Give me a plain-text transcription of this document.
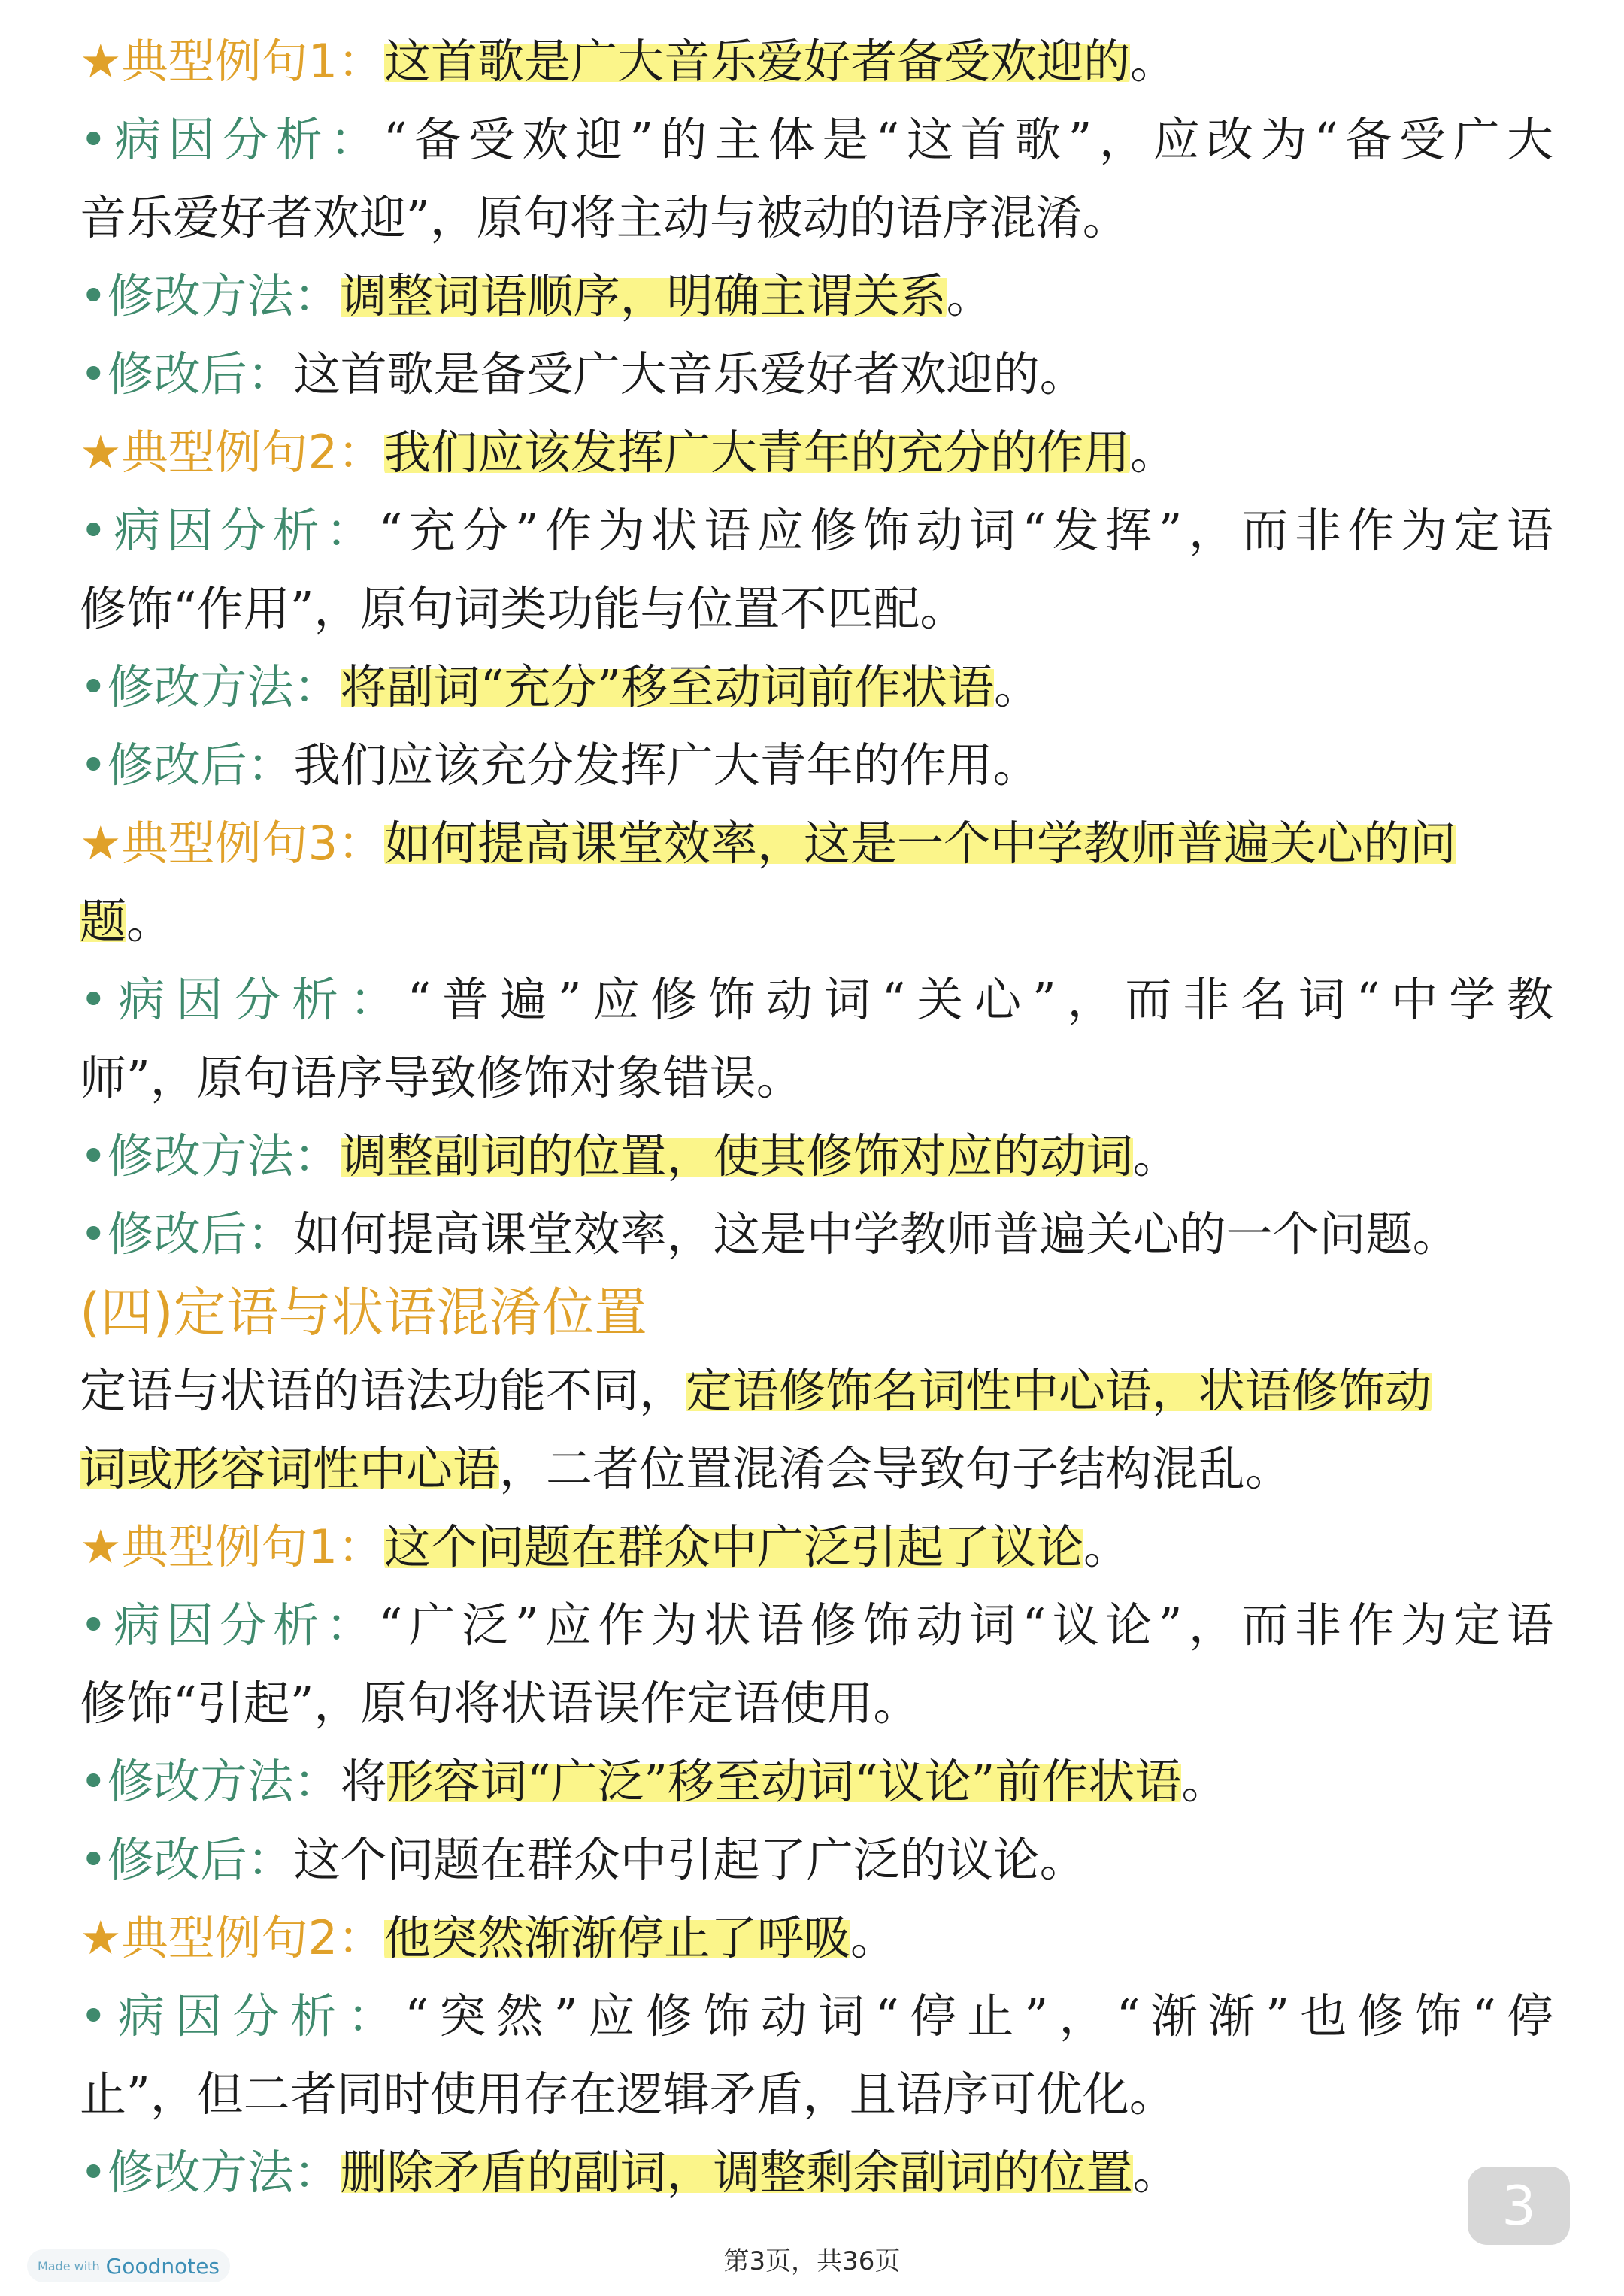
★典型例句1：这首歌是广大音乐爱好者备受欢迎的。
•病因分析：“备受欢迎”的主体是“这首歌”，应改为“备受广大
音乐爱好者欢迎”，原句将主动与被动的语序混淆。
•修改方法：调整词语顺序，明确主谓关系。
•修改后：这首歌是备受广大音乐爱好者欢迎的。
★典型例句2：我们应该发挥广大青年的充分的作用。
•病因分析：“充分”作为状语应修饰动词“发挥”，而非作为定语
修饰“作用”，原句词类功能与位置不匹配。
•修改方法：将副词“充分”移至动词前作状语。
•修改后：我们应该充分发挥广大青年的作用。
★典型例句3：如何提高课堂效率，这是一个中学教师普遍关心的问
题。
•病因分析：“普遍”应修饰动词“关心”，而非名词“中学教
师”，原句语序导致修饰对象错误。
•修改方法：调整副词的位置，使其修饰对应的动词。
•修改后：如何提高课堂效率，这是中学教师普遍关心的一个问题。
(四)定语与状语混淆位置
定语与状语的语法功能不同，定语修饰名词性中心语，状语修饰动
词或形容词性中心语，二者位置混淆会导致句子结构混乱。
★典型例句1：这个问题在群众中广泛引起了议论。
•病因分析：“广泛”应作为状语修饰动词“议论”，而非作为定语
修饰“引起”，原句将状语误作定语使用。
•修改方法：将形容词“广泛”移至动词“议论”前作状语。
•修改后：这个问题在群众中引起了广泛的议论。
★典型例句2：他突然渐渐停止了呼吸。
•病因分析：“突然”应修饰动词“停止”，“渐渐”也修饰“停
止”，但二者同时使用存在逻辑矛盾，且语序可优化。
•修改方法：删除矛盾的副词，调整剩余副词的位置。
3
第3页，共36页
Made with Goodnotes
